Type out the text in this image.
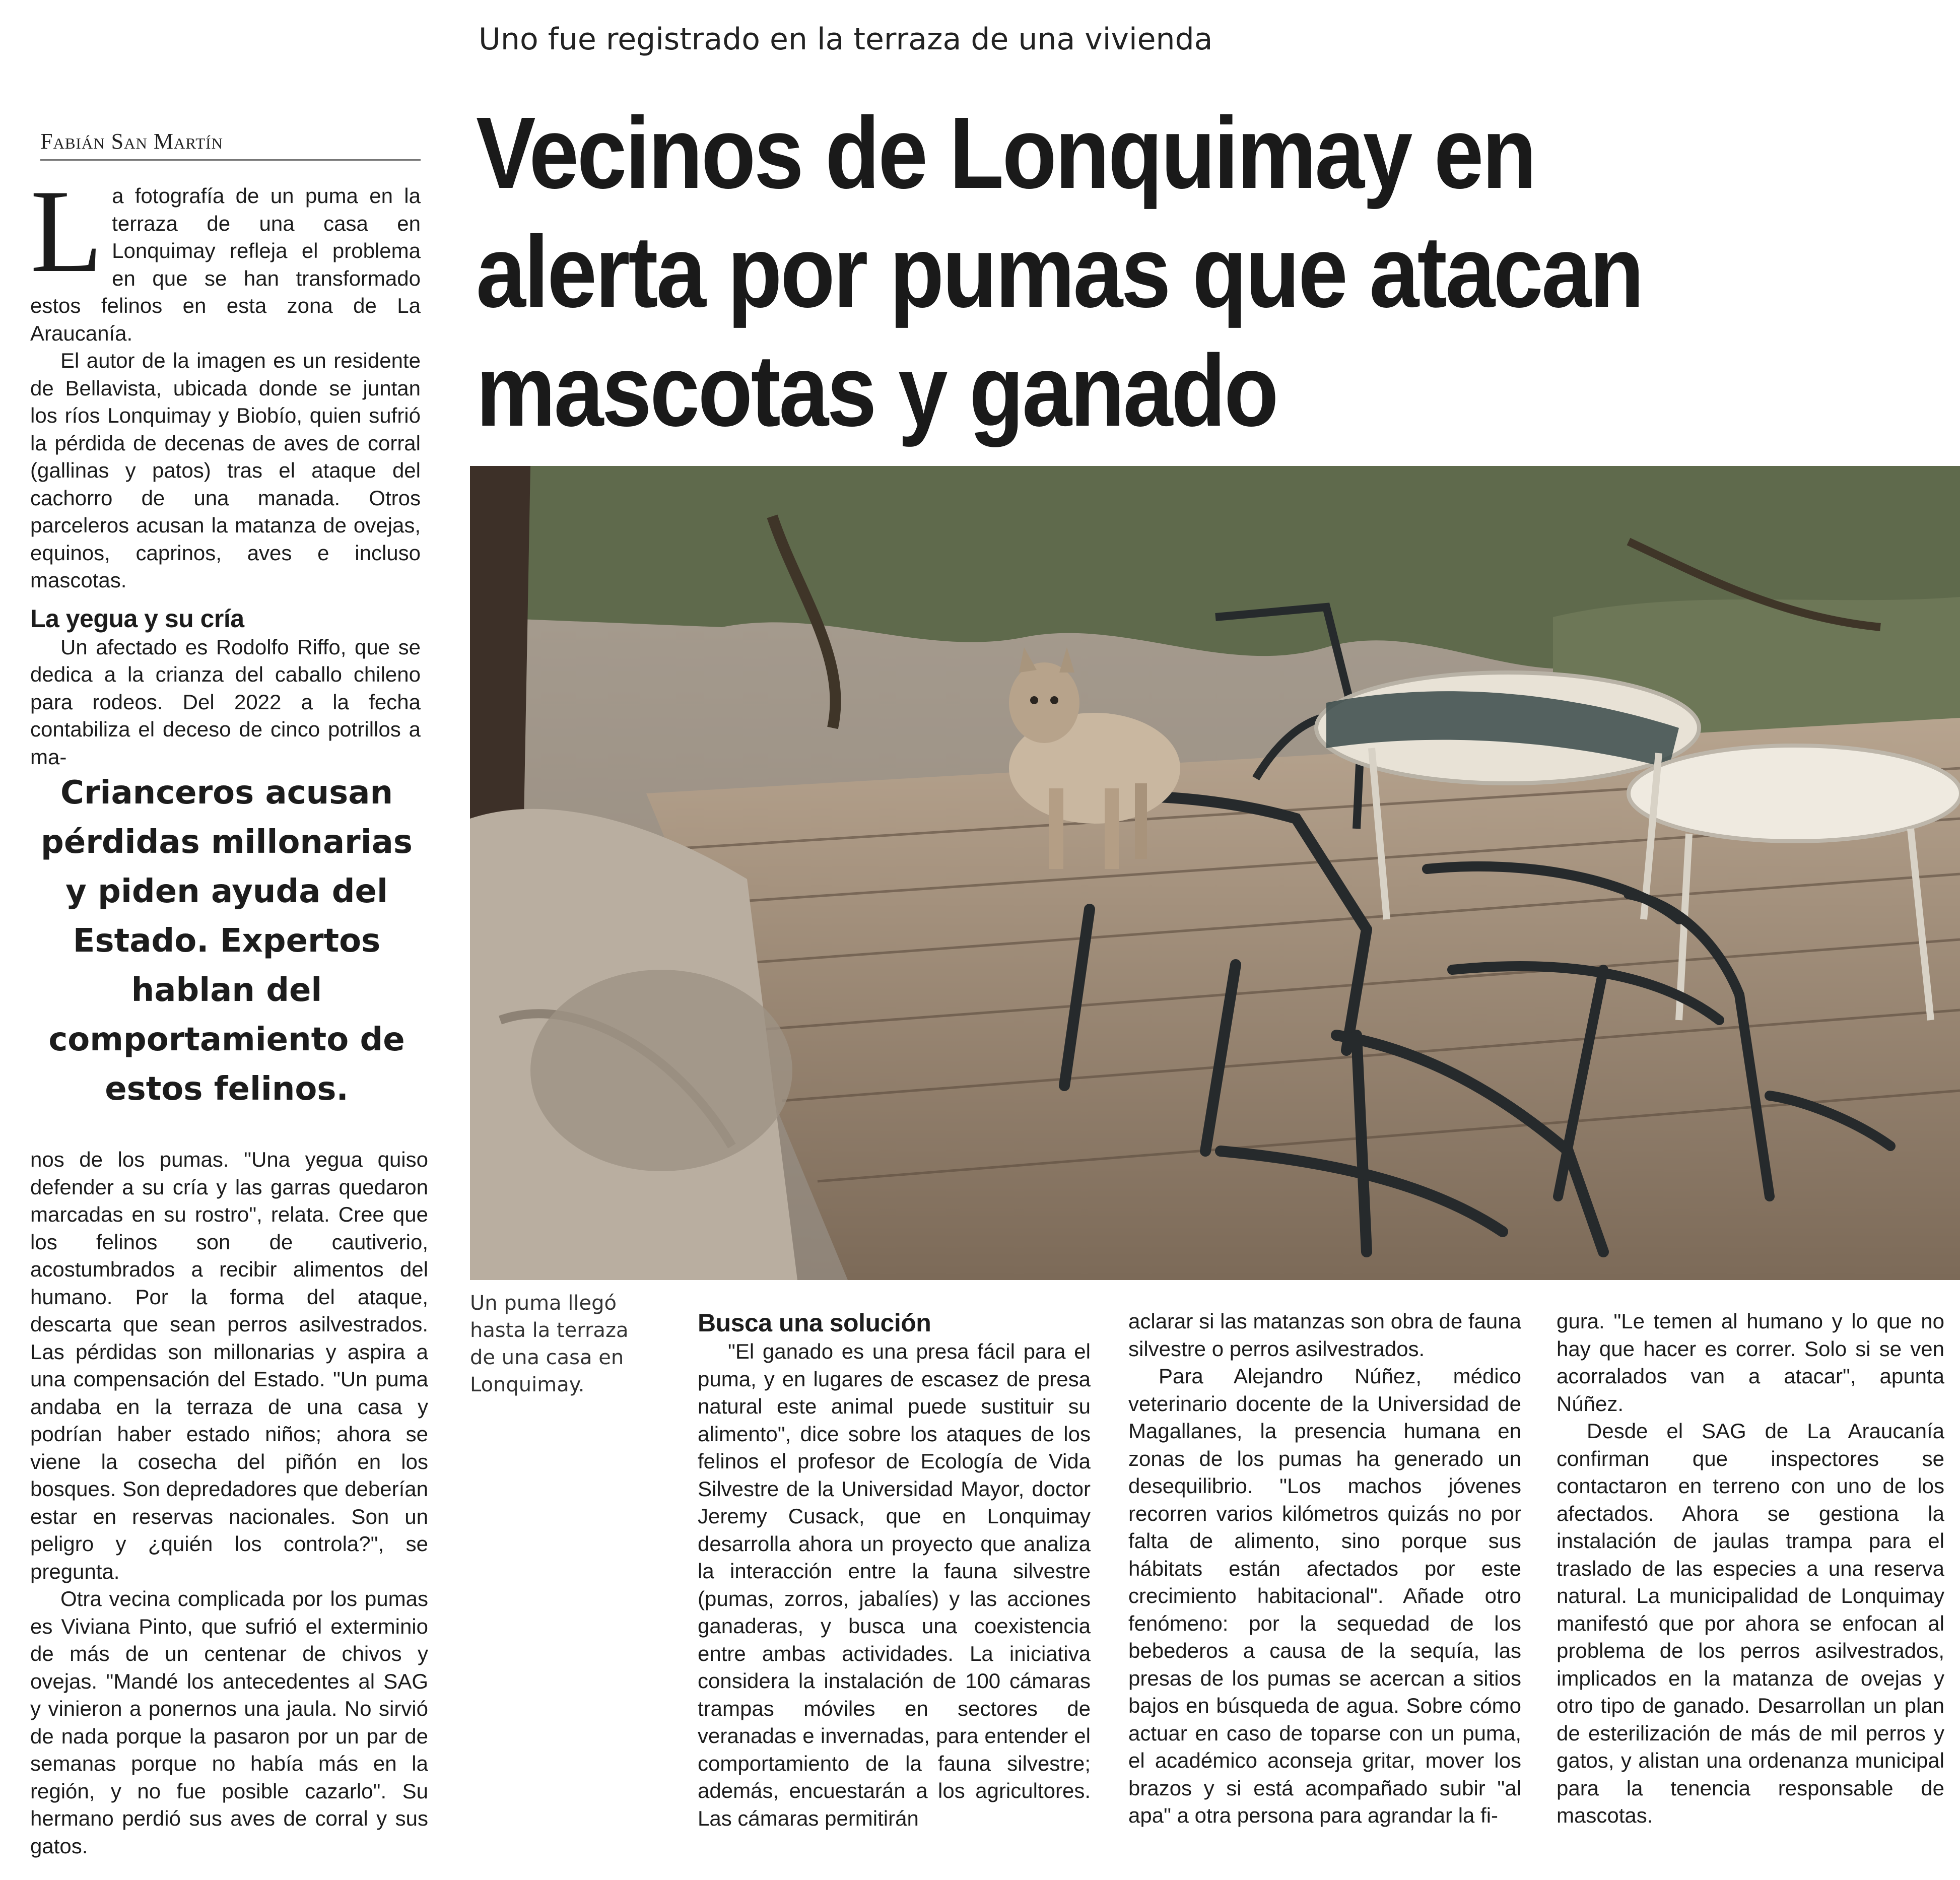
Uno fue registrado en la terraza de una vivienda
Fabián San Martín	Vecinos de Lonquimay en
alerta por pumas que atacan
mascotas y ganado

La fotografía de un puma en la terraza de una casa en Lonquimay refleja el problema en que se han transformado estos felinos en esta zona de La Araucanía.

El autor de la imagen es un residente de Bellavista, ubicada donde se juntan los ríos Lonquimay y Biobío, quien sufrió la pérdida de decenas de aves de corral (gallinas y patos) tras el ataque del cachorro de una manada. Otros parceleros acusan la matanza de ovejas, equinos, caprinos, aves e incluso mascotas.

La yegua y su cría

Un afectado es Rodolfo Riffo, que se dedica a la crianza del caballo chileno para rodeos. Del 2022 a la fecha contabiliza el deceso de cinco potrillos a ma-

Crianceros acusan pérdidas millonarias y piden ayuda del Estado. Expertos hablan del comportamiento de estos felinos.

nos de los pumas. "Una yegua quiso defender a su cría y las garras quedaron marcadas en su rostro", relata. Cree que los felinos son de cautiverio, acostumbrados a recibir alimentos del humano. Por la forma del ataque, descarta que sean perros asilvestrados. Las pérdidas son millonarias y aspira a una compensación del Estado. "Un puma andaba en la terraza de una casa y podrían haber estado niños; ahora se viene la cosecha del piñón en los bosques. Son depredadores que deberían estar en reservas nacionales. Son un peligro y ¿quién los controla?", se pregunta.

Otra vecina complicada por los pumas es Viviana Pinto, que sufrió el exterminio de más de un centenar de chivos y ovejas. "Mandé los antecedentes al SAG y vinieron a ponernos una jaula. No sirvió de nada porque la pasaron por un par de semanas porque no había más en la región, y no fue posible cazarlo". Su hermano perdió sus aves de corral y sus gatos.

Un puma llegó hasta la terraza de una casa en Lonquimay.
Busca una solución

"El ganado es una presa fácil para el puma, y en lugares de escasez de presa natural este animal puede sustituir su alimento", dice sobre los ataques de los felinos el profesor de Ecología de Vida Silvestre de la Universidad Mayor, doctor Jeremy Cusack, que en Lonquimay desarrolla ahora un proyecto que analiza la interacción entre la fauna silvestre (pumas, zorros, jabalíes) y las acciones ganaderas, y busca una coexistencia entre ambas actividades. La iniciativa considera la instalación de 100 cámaras trampas móviles en sectores de veranadas e invernadas, para entender el comportamiento de la fauna silvestre; además, encuestarán a los agricultores. Las cámaras permitirán

aclarar si las matanzas son obra de fauna silvestre o perros asilvestrados.

Para Alejandro Núñez, médico veterinario docente de la Universidad de Magallanes, la presencia humana en zonas de los pumas ha generado un desequilibrio. "Los machos jóvenes recorren varios kilómetros quizás no por falta de alimento, sino porque sus hábitats están afectados por este crecimiento habitacional". Añade otro fenómeno: por la sequedad de los bebederos a causa de la sequía, las presas de los pumas se acercan a sitios bajos en búsqueda de agua. Sobre cómo actuar en caso de toparse con un puma, el académico aconseja gritar, mover los brazos y si está acompañado subir "al apa" a otra persona para agrandar la fi-

gura. "Le temen al humano y lo que no hay que hacer es correr. Solo si se ven acorralados van a atacar", apunta Núñez.

Desde el SAG de La Araucanía confirman que inspectores se contactaron en terreno con uno de los afectados. Ahora se gestiona la instalación de jaulas trampa para el traslado de las especies a una reserva natural. La municipalidad de Lonquimay manifestó que por ahora se enfocan al problema de los perros asilvestrados, implicados en la matanza de ovejas y otro tipo de ganado. Desarrollan un plan de esterilización de más de mil perros y gatos, y alistan una ordenanza municipal para la tenencia responsable de mascotas.
